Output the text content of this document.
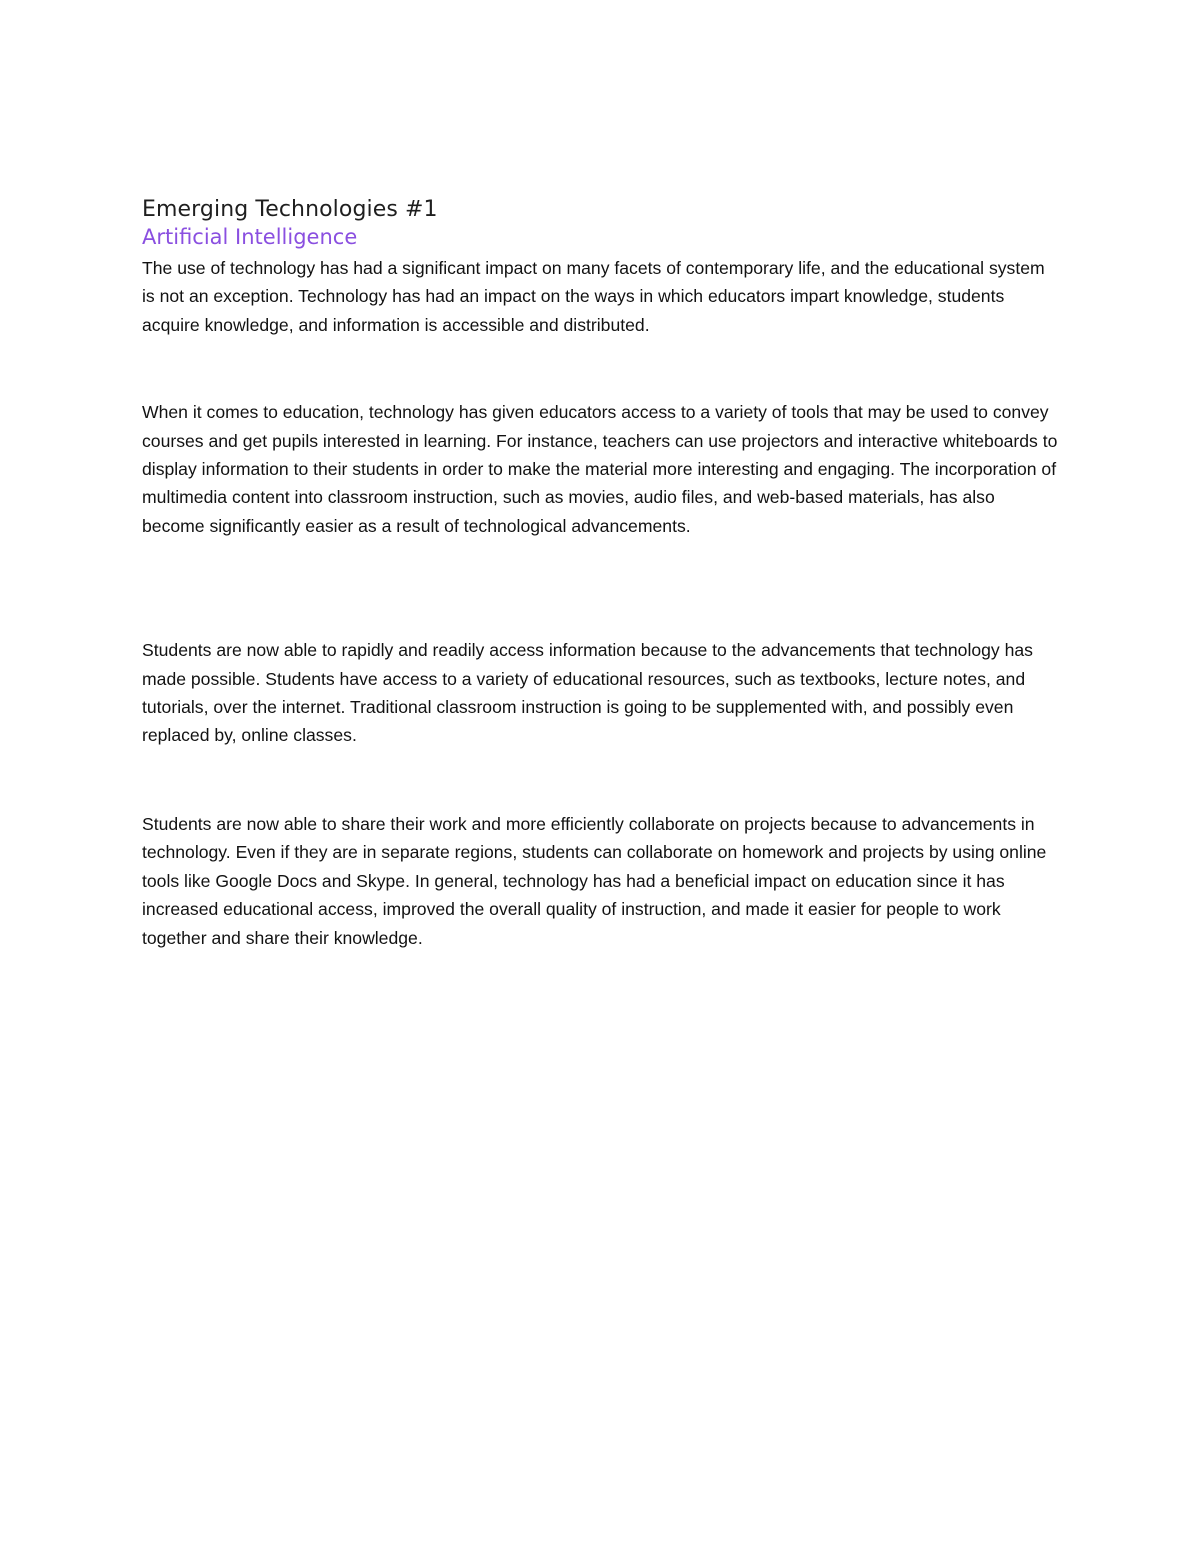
Emerging Technologies #1
Artificial Intelligence

The use of technology has had a significant impact on many facets of contemporary life, and the educational system is not an exception. Technology has had an impact on the ways in which educators impart knowledge, students acquire knowledge, and information is accessible and distributed.

When it comes to education, technology has given educators access to a variety of tools that may be used to convey courses and get pupils interested in learning. For instance, teachers can use projectors and interactive whiteboards to display information to their students in order to make the material more interesting and engaging. The incorporation of multimedia content into classroom instruction, such as movies, audio files, and web-based materials, has also become significantly easier as a result of technological advancements.

Students are now able to rapidly and readily access information because to the advancements that technology has made possible. Students have access to a variety of educational resources, such as textbooks, lecture notes, and tutorials, over the internet. Traditional classroom instruction is going to be supplemented with, and possibly even replaced by, online classes.

Students are now able to share their work and more efficiently collaborate on projects because to advancements in technology. Even if they are in separate regions, students can collaborate on homework and projects by using online tools like Google Docs and Skype. In general, technology has had a beneficial impact on education since it has increased educational access, improved the overall quality of instruction, and made it easier for people to work together and share their knowledge.
